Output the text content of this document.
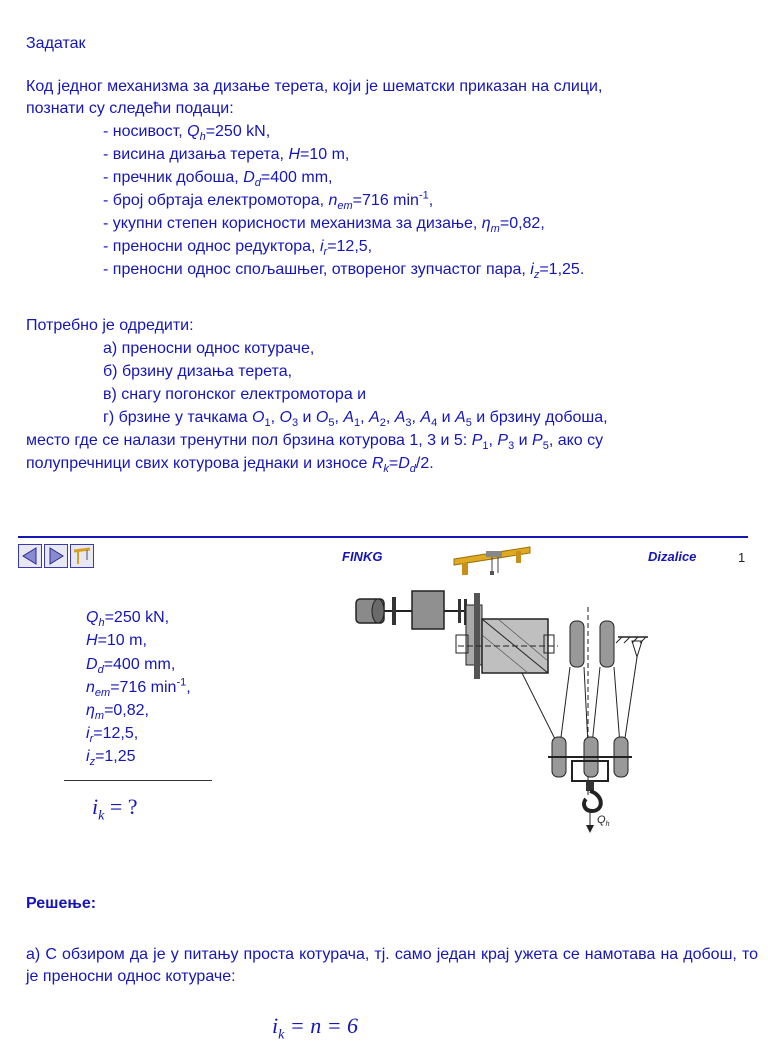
Задатак
Код једног механизма за дизање терета, који је шематски приказан на слици,
познати су следећи подаци:
- носивост, $Q_h=250$ kN,
- висина дизања терета, H=10 m,
- пречник добоша, $D_d=400$ mm,
- број обртаја електромотора, $n_{em}=716$ $\min^{-1}$,
- укупни степен корисности механизма за дизање, $\eta_m=0,82$,
- преносни однос редуктора, $i_r=12,5$,
- преносни однос спољашњег, отвореног зупчастог пара, $i_z=1,25$.
Потребно је одредити:
а) преносни однос котураче,
б) брзину дизања терета,
в) снагу погонског електромотора и
г) брзине у тачкама $O_1$, $O_3$ и $O_5$, $A_1$, $A_2$, $A_3$, $A_4$ и $A_5$ и брзину добоша,
место где се налази тренутни пол брзина котурова 1, 3 и 5: $P_1$, $P_3$ и $P_5$, ако су
полупречници свих котурова једнаки и износе $R_k=D_d/2$.
FINKG	Dizalice	1
$Q_h=250$ kN,
H=10 m,
$D_d=400$ mm,
$n_{em}=716$ $\min^{-1}$,
$\eta_m=0,82$,
$i_r=12,5$,
$i_z=1,25$
$i_k$ = ?
$Q_h$
Решење:
а) С обзиром да је у питању проста котурача, тј. само један крај ужета се намотава на добош, то је преносни однос котураче:
$i_k = n = 6$
